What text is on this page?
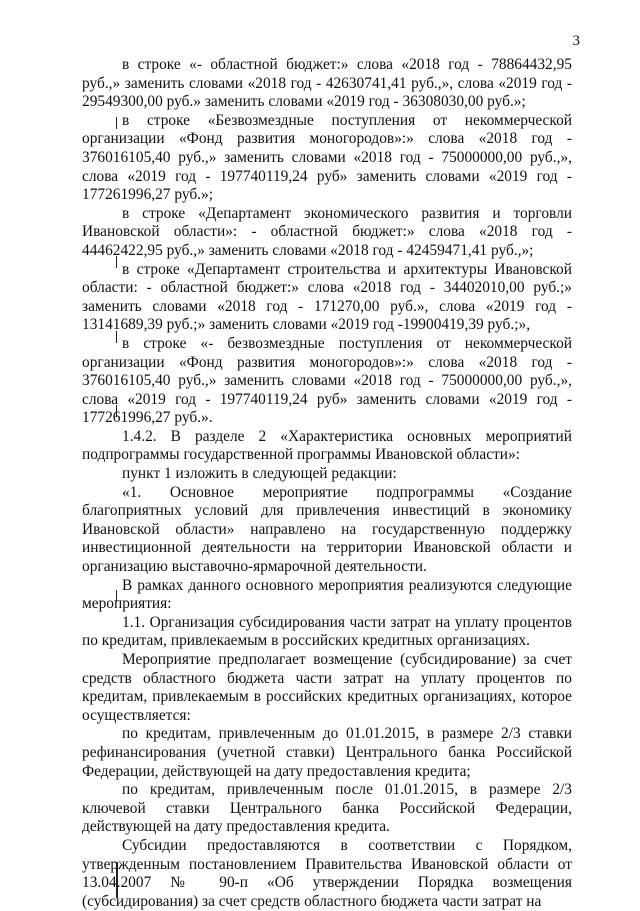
3

в строке «- областной бюджет:» слова «2018 год - 78864432,95 руб.,» заменить словами «2018 год - 42630741,41 руб.,», слова «2019 год - 29549300,00 руб.» заменить словами «2019 год - 36308030,00 руб.»;

в строке «Безвозмездные поступления от некоммерческой организации «Фонд развития моногородов»:» слова «2018 год - 376016105,40 руб.,» заменить словами «2018 год - 75000000,00 руб.,», слова «2019 год - 197740119,24 руб» заменить словами «2019 год - 177261996,27 руб.»;

в строке «Департамент экономического развития и торговли Ивановской области»: - областной бюджет:» слова «2018 год - 44462422,95 руб.,» заменить словами «2018 год - 42459471,41 руб.,»;

в строке «Департамент строительства и архитектуры Ивановской области: - областной бюджет:» слова «2018 год - 34402010,00 руб.;» заменить словами «2018 год - 171270,00 руб.», слова «2019 год - 13141689,39 руб.;» заменить словами «2019 год -19900419,39 руб.;»,

в строке «- безвозмездные поступления от некоммерческой организации «Фонд развития моногородов»:» слова «2018 год - 376016105,40 руб.,» заменить словами «2018 год - 75000000,00 руб.,», слова «2019 год - 197740119,24 руб» заменить словами «2019 год - 177261996,27 руб.».

1.4.2. В разделе 2 «Характеристика основных мероприятий подпрограммы государственной программы Ивановской области»:

пункт 1 изложить в следующей редакции:

«1. Основное мероприятие подпрограммы «Создание благоприятных условий для привлечения инвестиций в экономику Ивановской области» направлено на государственную поддержку инвестиционной деятельности на территории Ивановской области и организацию выставочно-ярмарочной деятельности.

В рамках данного основного мероприятия реализуются следующие мероприятия:

1.1. Организация субсидирования части затрат на уплату процентов по кредитам, привлекаемым в российских кредитных организациях.

Мероприятие предполагает возмещение (субсидирование) за счет средств областного бюджета части затрат на уплату процентов по кредитам, привлекаемым в российских кредитных организациях, которое осуществляется:

по кредитам, привлеченным до 01.01.2015, в размере 2/3 ставки рефинансирования (учетной ставки) Центрального банка Российской Федерации, действующей на дату предоставления кредита;

по кредитам, привлеченным после 01.01.2015, в размере 2/3 ключевой ставки Центрального банка Российской Федерации, действующей на дату предоставления кредита.

Субсидии предоставляются в соответствии с Порядком, утвержденным постановлением Правительства Ивановской области от 13.04.2007 № 90-п «Об утверждении Порядка возмещения (субсидирования) за счет средств областного бюджета части затрат на
